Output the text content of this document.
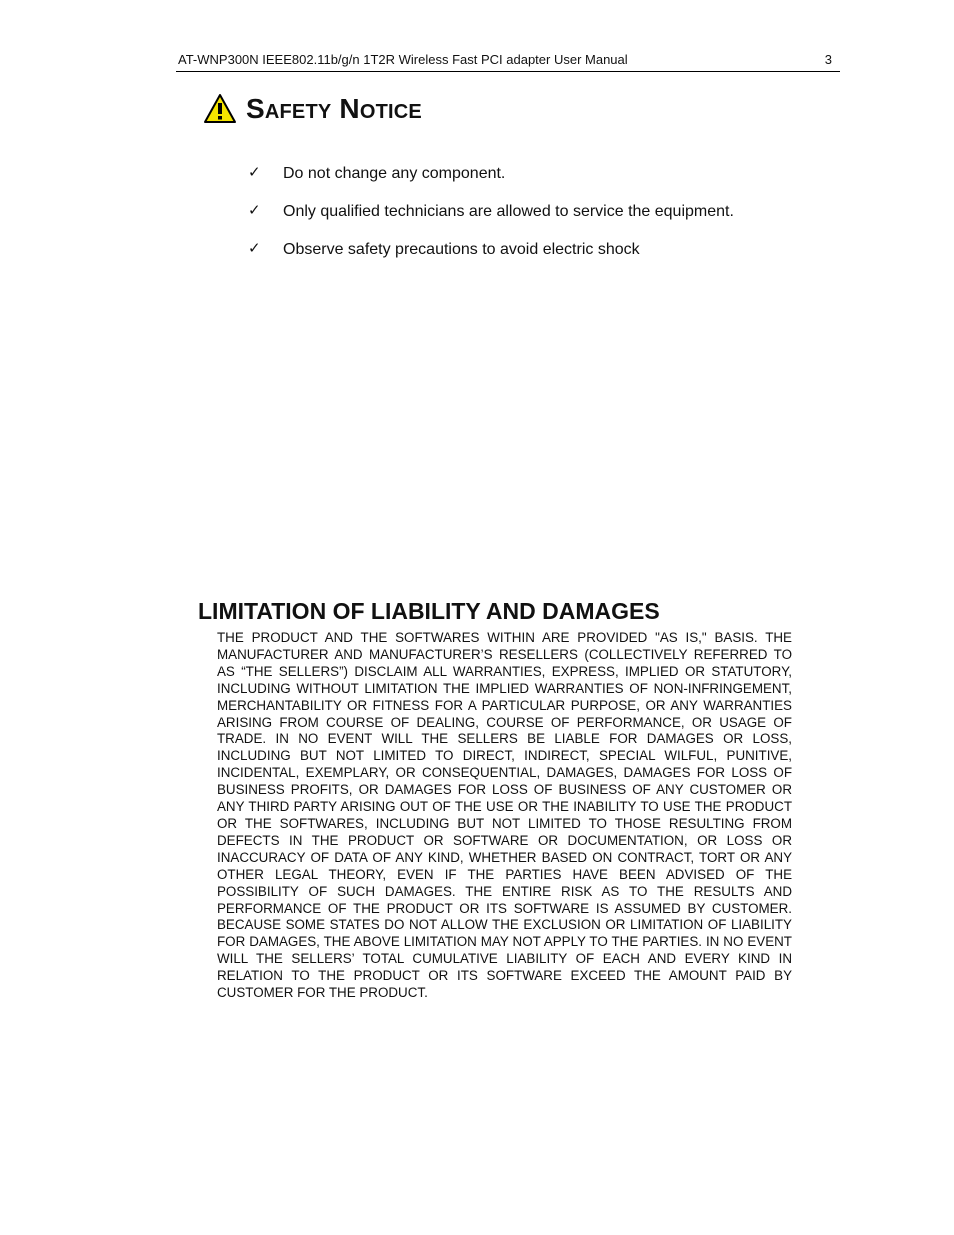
AT-WNP300N IEEE802.11b/g/n 1T2R Wireless Fast PCI adapter User Manual	3
Safety Notice
✓ Do not change any component.
✓ Only qualified technicians are allowed to service the equipment.
✓ Observe safety precautions to avoid electric shock
LIMITATION OF LIABILITY AND DAMAGES

THE PRODUCT AND THE SOFTWARES WITHIN ARE PROVIDED "AS IS," BASIS. THE MANUFACTURER AND MANUFACTURER’S RESELLERS (COLLECTIVELY REFERRED TO AS “THE SELLERS”) DISCLAIM ALL WARRANTIES, EXPRESS, IMPLIED OR STATUTORY, INCLUDING WITHOUT LIMITATION THE IMPLIED WARRANTIES OF NON-INFRINGEMENT, MERCHANTABILITY OR FITNESS FOR A PARTICULAR PURPOSE, OR ANY WARRANTIES ARISING FROM COURSE OF DEALING, COURSE OF PERFORMANCE, OR USAGE OF TRADE. IN NO EVENT WILL THE SELLERS BE LIABLE FOR DAMAGES OR LOSS, INCLUDING BUT NOT LIMITED TO DIRECT, INDIRECT, SPECIAL WILFUL, PUNITIVE, INCIDENTAL, EXEMPLARY, OR CONSEQUENTIAL, DAMAGES, DAMAGES FOR LOSS OF BUSINESS PROFITS, OR DAMAGES FOR LOSS OF BUSINESS OF ANY CUSTOMER OR ANY THIRD PARTY ARISING OUT OF THE USE OR THE INABILITY TO USE THE PRODUCT OR THE SOFTWARES, INCLUDING BUT NOT LIMITED TO THOSE RESULTING FROM DEFECTS IN THE PRODUCT OR SOFTWARE OR DOCUMENTATION, OR LOSS OR INACCURACY OF DATA OF ANY KIND, WHETHER BASED ON CONTRACT, TORT OR ANY OTHER LEGAL THEORY, EVEN IF THE PARTIES HAVE BEEN ADVISED OF THE POSSIBILITY OF SUCH DAMAGES. THE ENTIRE RISK AS TO THE RESULTS AND PERFORMANCE OF THE PRODUCT OR ITS SOFTWARE IS ASSUMED BY CUSTOMER. BECAUSE SOME STATES DO NOT ALLOW THE EXCLUSION OR LIMITATION OF LIABILITY FOR DAMAGES, THE ABOVE LIMITATION MAY NOT APPLY TO THE PARTIES. IN NO EVENT WILL THE SELLERS’ TOTAL CUMULATIVE LIABILITY OF EACH AND EVERY KIND IN RELATION TO THE PRODUCT OR ITS SOFTWARE EXCEED THE AMOUNT PAID BY CUSTOMER FOR THE PRODUCT.
